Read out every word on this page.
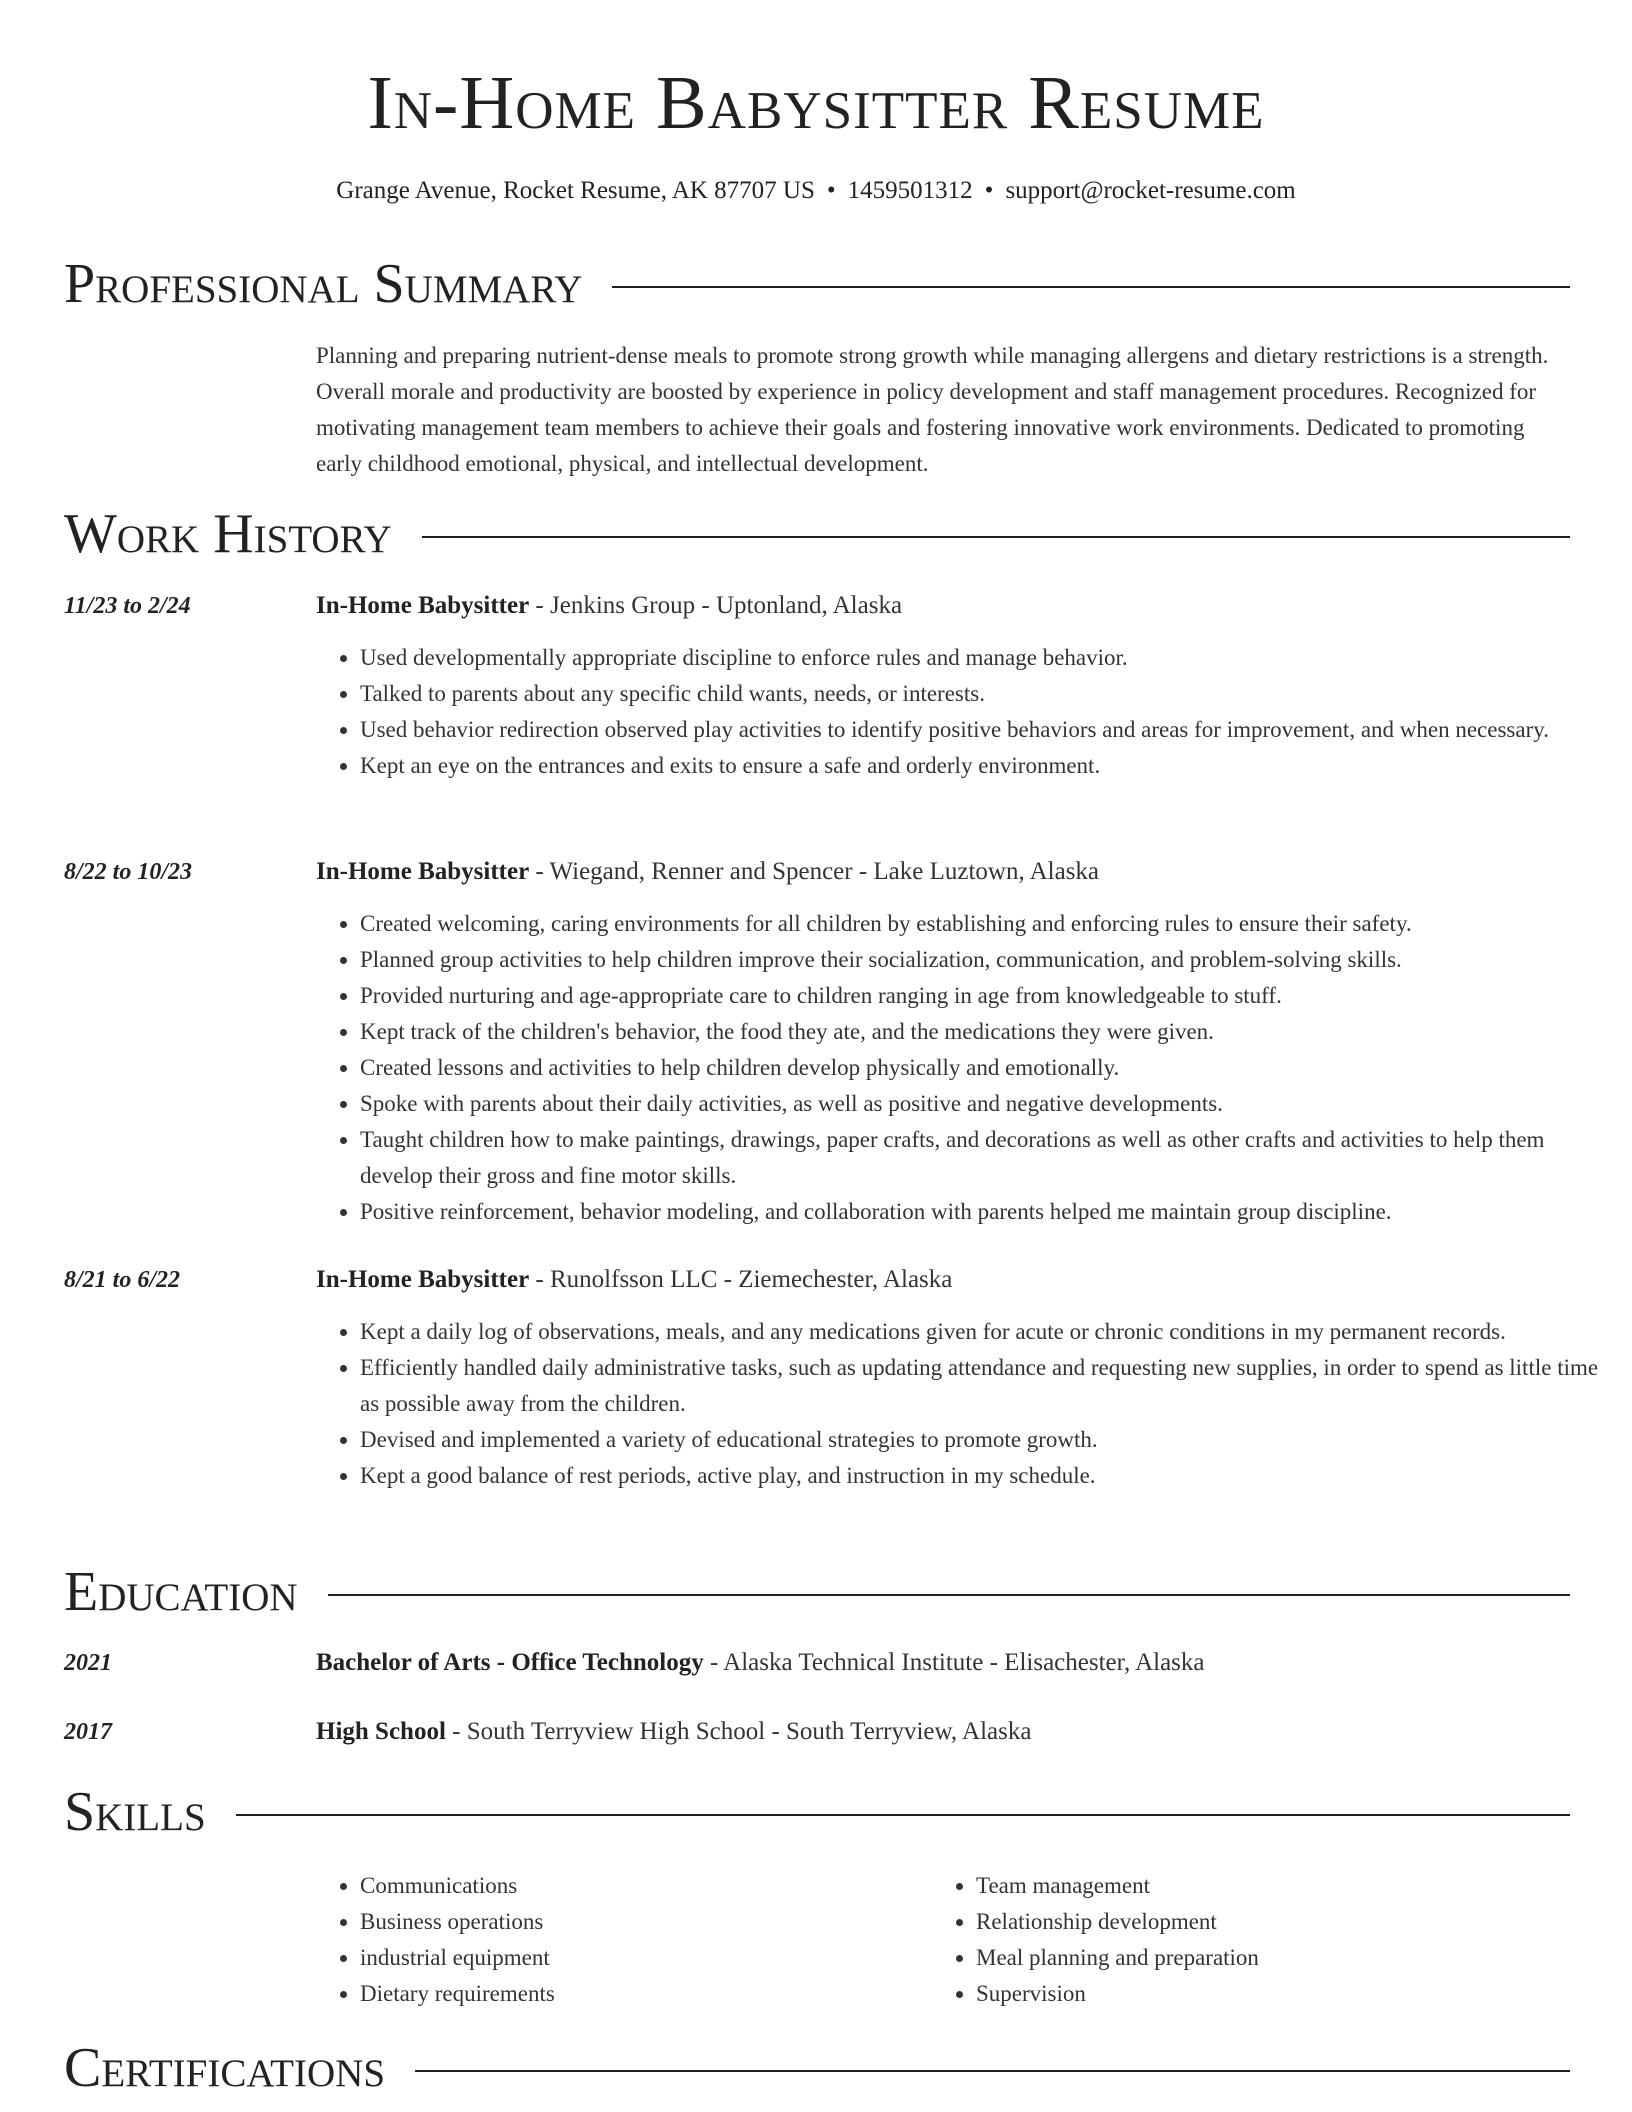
In-Home Babysitter Resume
Grange Avenue, Rocket Resume, AK 87707 US • 1459501312 • support@rocket-resume.com
Professional Summary
Planning and preparing nutrient-dense meals to promote strong growth while managing allergens and dietary restrictions is a strength. Overall morale and productivity are boosted by experience in policy development and staff management procedures. Recognized for motivating management team members to achieve their goals and fostering innovative work environments. Dedicated to promoting early childhood emotional, physical, and intellectual development.
Work History
11/23 to 2/24	In-Home Babysitter - Jenkins Group - Uptonland, Alaska
• Used developmentally appropriate discipline to enforce rules and manage behavior.
• Talked to parents about any specific child wants, needs, or interests.
• Used behavior redirection observed play activities to identify positive behaviors and areas for improvement, and when necessary.
• Kept an eye on the entrances and exits to ensure a safe and orderly environment.
8/22 to 10/23	In-Home Babysitter - Wiegand, Renner and Spencer - Lake Luztown, Alaska
• Created welcoming, caring environments for all children by establishing and enforcing rules to ensure their safety.
• Planned group activities to help children improve their socialization, communication, and problem-solving skills.
• Provided nurturing and age-appropriate care to children ranging in age from knowledgeable to stuff.
• Kept track of the children's behavior, the food they ate, and the medications they were given.
• Created lessons and activities to help children develop physically and emotionally.
• Spoke with parents about their daily activities, as well as positive and negative developments.
• Taught children how to make paintings, drawings, paper crafts, and decorations as well as other crafts and activities to help them develop their gross and fine motor skills.
• Positive reinforcement, behavior modeling, and collaboration with parents helped me maintain group discipline.
8/21 to 6/22	In-Home Babysitter - Runolfsson LLC - Ziemechester, Alaska
• Kept a daily log of observations, meals, and any medications given for acute or chronic conditions in my permanent records.
• Efficiently handled daily administrative tasks, such as updating attendance and requesting new supplies, in order to spend as little time as possible away from the children.
• Devised and implemented a variety of educational strategies to promote growth.
• Kept a good balance of rest periods, active play, and instruction in my schedule.
Education
2021	Bachelor of Arts - Office Technology - Alaska Technical Institute - Elisachester, Alaska
2017	High School - South Terryview High School - South Terryview, Alaska
Skills
• Communications
• Business operations
• industrial equipment
• Dietary requirements
• Team management
• Relationship development
• Meal planning and preparation
• Supervision
Certifications
